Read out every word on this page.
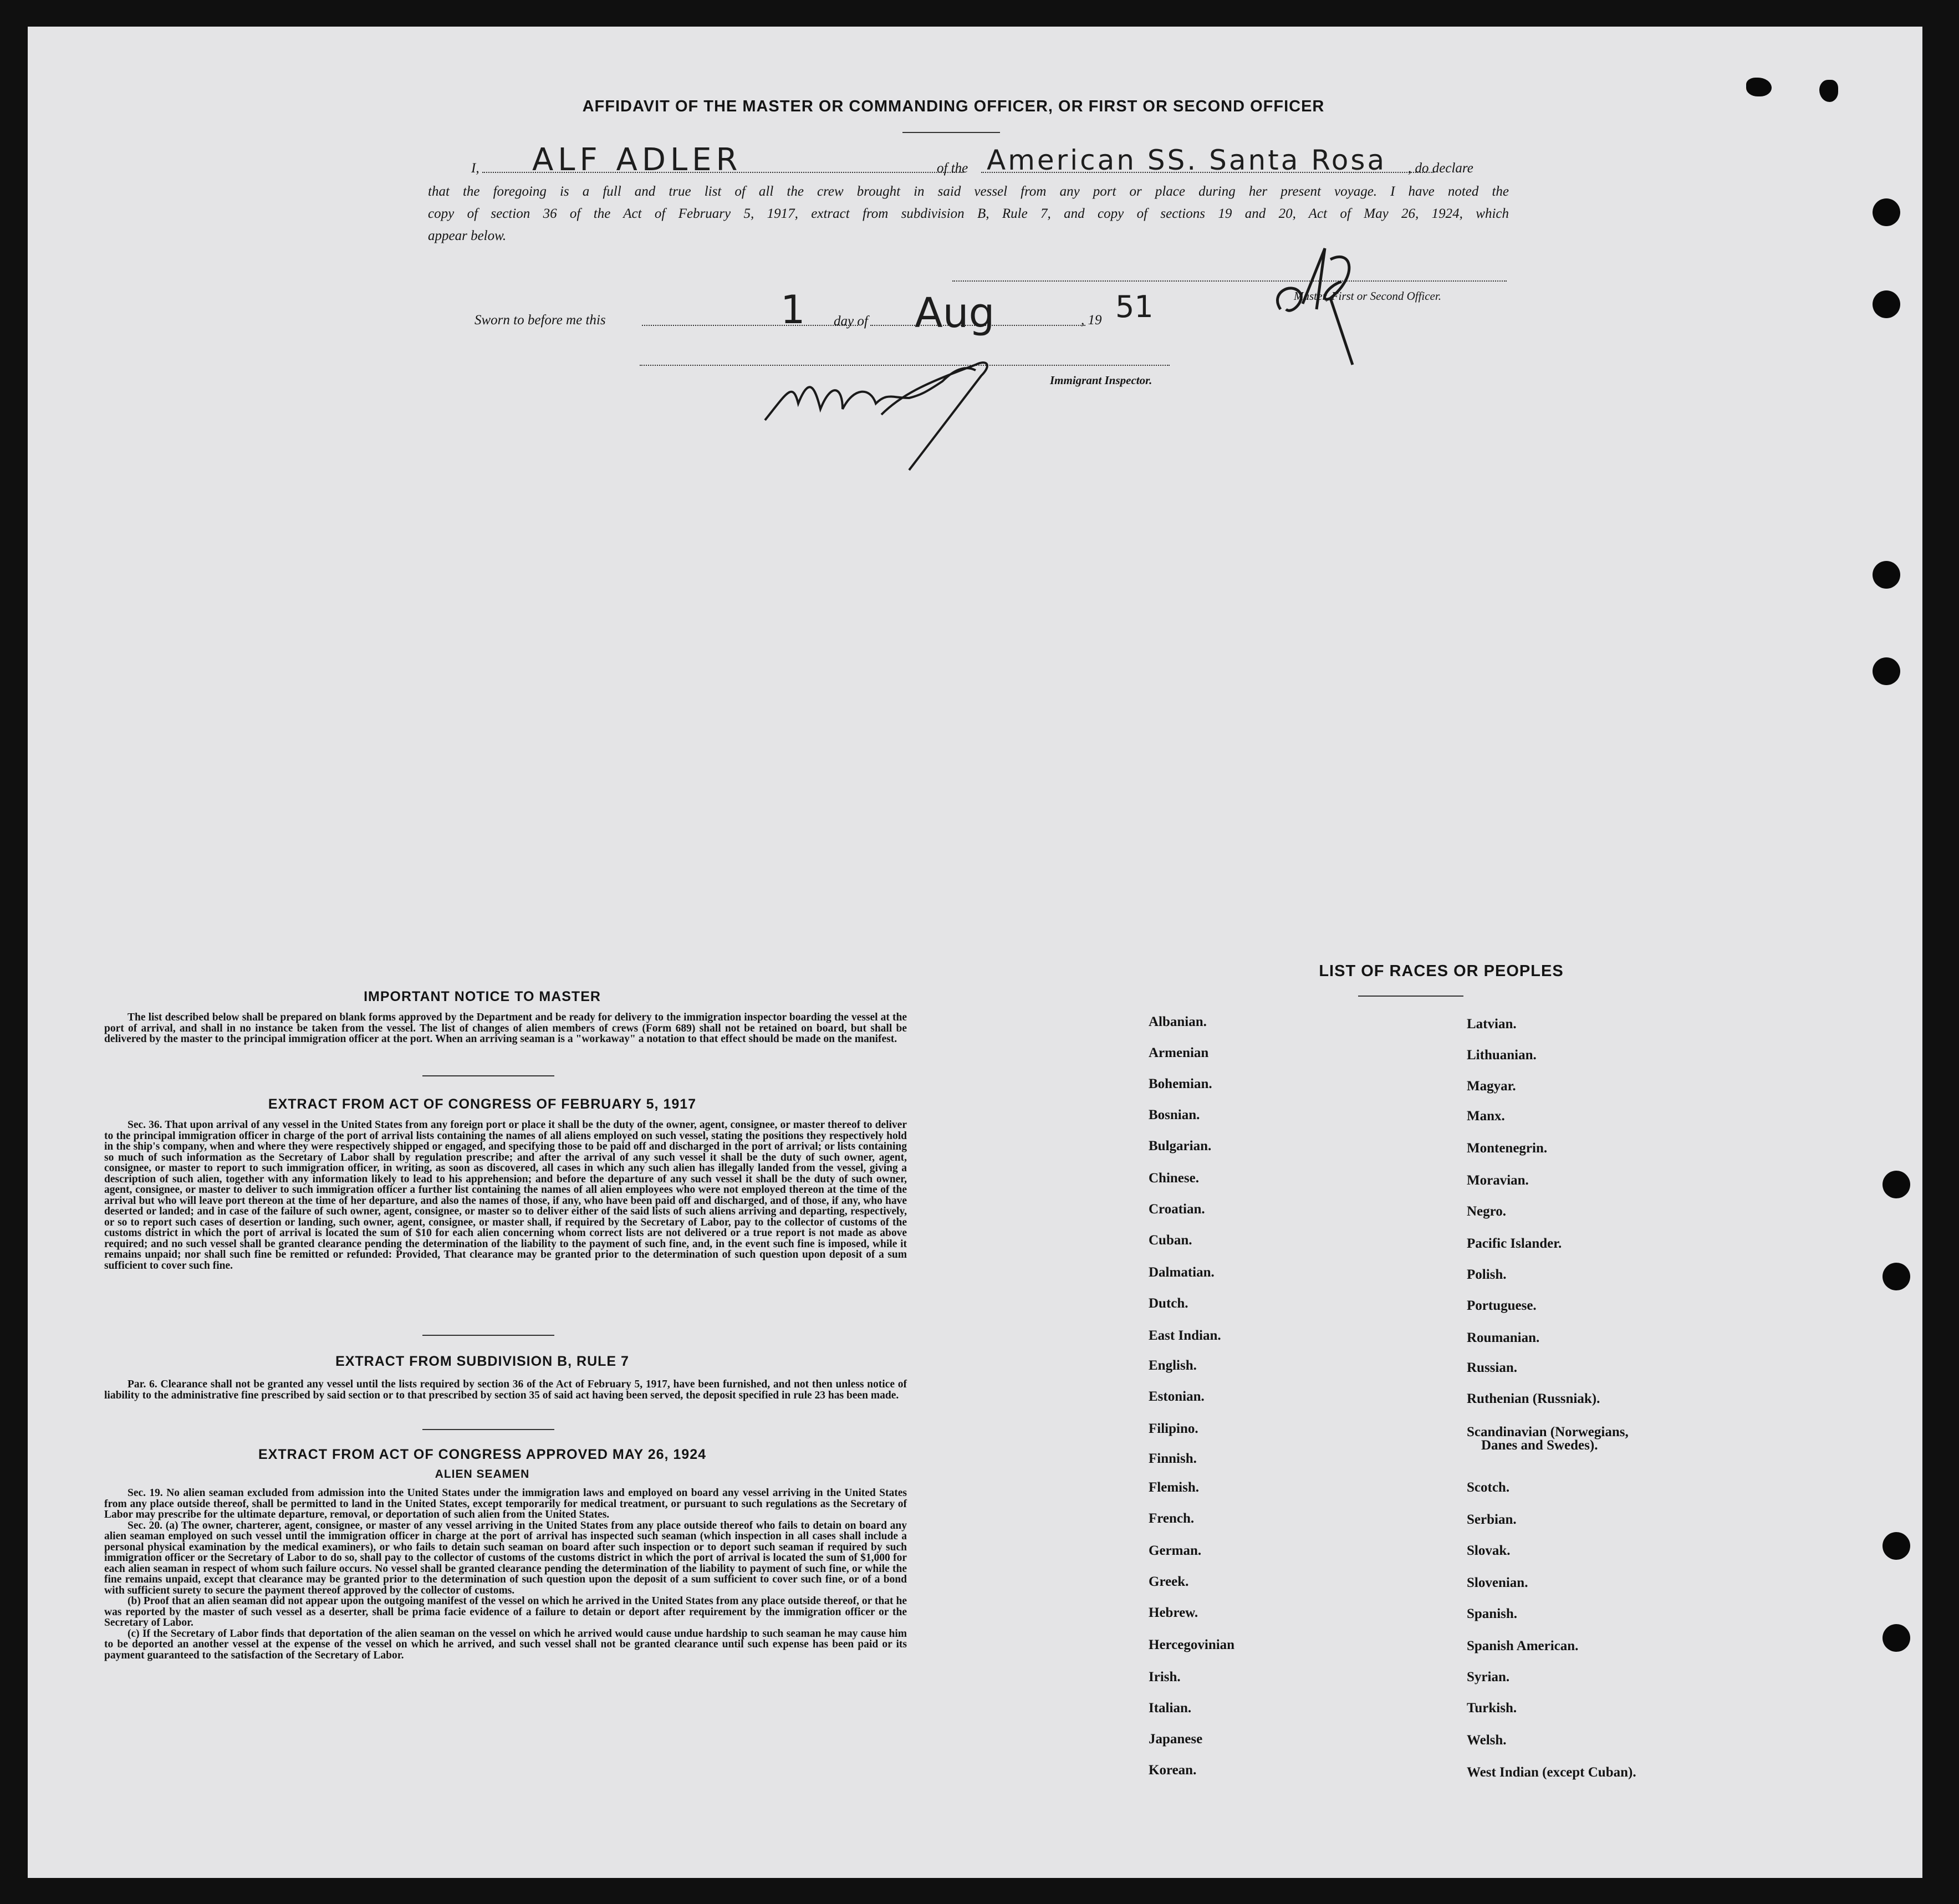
AFFIDAVIT OF THE MASTER OR COMMANDING OFFICER, OR FIRST OR SECOND OFFICER
I, ALF ADLER	of the American SS. Santa Rosa , do declare
that the foregoing is a full and true list of all the crew brought in said vessel from any port or place during her present voyage. I have noted the
copy of section 36 of the Act of February 5, 1917, extract from subdivision B, Rule 7, and copy of sections 19 and 20, Act of May 26, 1924, which
appear below.
Master, First or Second Officer.
Sworn to before me this	1 day of Aug	, 19 51
Immigrant Inspector.
IMPORTANT NOTICE TO MASTER

The list described below shall be prepared on blank forms approved by the Department and be ready for delivery to the immigration inspector boarding the vessel at the port of arrival, and shall in no instance be taken from the vessel. The list of changes of alien members of crews (Form 689) shall not be retained on board, but shall be delivered by the master to the principal immigration officer at the port. When an arriving seaman is a "workaway" a notation to that effect should be made on the manifest.

EXTRACT FROM ACT OF CONGRESS OF FEBRUARY 5, 1917

Sec. 36. That upon arrival of any vessel in the United States from any foreign port or place it shall be the duty of the owner, agent, consignee, or master thereof to deliver to the principal immigration officer in charge of the port of arrival lists containing the names of all aliens employed on such vessel, stating the positions they respectively hold in the ship's company, when and where they were respectively shipped or engaged, and specifying those to be paid off and discharged in the port of arrival; or lists containing so much of such information as the Secretary of Labor shall by regulation prescribe; and after the arrival of any such vessel it shall be the duty of such owner, agent, consignee, or master to report to such immigration officer, in writing, as soon as discovered, all cases in which any such alien has illegally landed from the vessel, giving a description of such alien, together with any information likely to lead to his apprehension; and before the departure of any such vessel it shall be the duty of such owner, agent, consignee, or master to deliver to such immigration officer a further list containing the names of all alien employees who were not employed thereon at the time of the arrival but who will leave port thereon at the time of her departure, and also the names of those, if any, who have been paid off and discharged, and of those, if any, who have deserted or landed; and in case of the failure of such owner, agent, consignee, or master so to deliver either of the said lists of such aliens arriving and departing, respectively, or so to report such cases of desertion or landing, such owner, agent, consignee, or master shall, if required by the Secretary of Labor, pay to the collector of customs of the customs district in which the port of arrival is located the sum of $10 for each alien concerning whom correct lists are not delivered or a true report is not made as above required; and no such vessel shall be granted clearance pending the determination of the liability to the payment of such fine, and, in the event such fine is imposed, while it remains unpaid; nor shall such fine be remitted or refunded: Provided, That clearance may be granted prior to the determination of such question upon deposit of a sum sufficient to cover such fine.

EXTRACT FROM SUBDIVISION B, RULE 7

Par. 6. Clearance shall not be granted any vessel until the lists required by section 36 of the Act of February 5, 1917, have been furnished, and not then unless notice of liability to the administrative fine prescribed by said section or to that prescribed by section 35 of said act having been served, the deposit specified in rule 23 has been made.

EXTRACT FROM ACT OF CONGRESS APPROVED MAY 26, 1924
ALIEN SEAMEN

Sec. 19. No alien seaman excluded from admission into the United States under the immigration laws and employed on board any vessel arriving in the United States from any place outside thereof, shall be permitted to land in the United States, except temporarily for medical treatment, or pursuant to such regulations as the Secretary of Labor may prescribe for the ultimate departure, removal, or deportation of such alien from the United States.

Sec. 20. (a) The owner, charterer, agent, consignee, or master of any vessel arriving in the United States from any place outside thereof who fails to detain on board any alien seaman employed on such vessel until the immigration officer in charge at the port of arrival has inspected such seaman (which inspection in all cases shall include a personal physical examination by the medical examiners), or who fails to detain such seaman on board after such inspection or to deport such seaman if required by such immigration officer or the Secretary of Labor to do so, shall pay to the collector of customs of the customs district in which the port of arrival is located the sum of $1,000 for each alien seaman in respect of whom such failure occurs. No vessel shall be granted clearance pending the determination of the liability to payment of such fine, or while the fine remains unpaid, except that clearance may be granted prior to the determination of such question upon the deposit of a sum sufficient to cover such fine, or of a bond with sufficient surety to secure the payment thereof approved by the collector of customs.

(b) Proof that an alien seaman did not appear upon the outgoing manifest of the vessel on which he arrived in the United States from any place outside thereof, or that he was reported by the master of such vessel as a deserter, shall be prima facie evidence of a failure to detain or deport after requirement by the immigration officer or the Secretary of Labor.

(c) If the Secretary of Labor finds that deportation of the alien seaman on the vessel on which he arrived would cause undue hardship to such seaman he may cause him to be deported an another vessel at the expense of the vessel on which he arrived, and such vessel shall not be granted clearance until such expense has been paid or its payment guaranteed to the satisfaction of the Secretary of Labor.

LIST OF RACES OR PEOPLES
Albanian.
Armenian
Bohemian.
Bosnian.
Bulgarian.
Chinese.
Croatian.
Cuban.
Dalmatian.
Dutch.
East Indian.
English.
Estonian.
Filipino.
Finnish.
Flemish.
French.
German.
Greek.
Hebrew.
Hercegovinian
Irish.
Italian.
Japanese
Korean.
Latvian.
Lithuanian.
Magyar.
Manx.
Montenegrin.
Moravian.
Negro.
Pacific Islander.
Polish.
Portuguese.
Roumanian.
Russian.
Ruthenian (Russniak).
Scandinavian (Norwegians,
Danes and Swedes).
Scotch.
Serbian.
Slovak.
Slovenian.
Spanish.
Spanish American.
Syrian.
Turkish.
Welsh.
West Indian (except Cuban).
